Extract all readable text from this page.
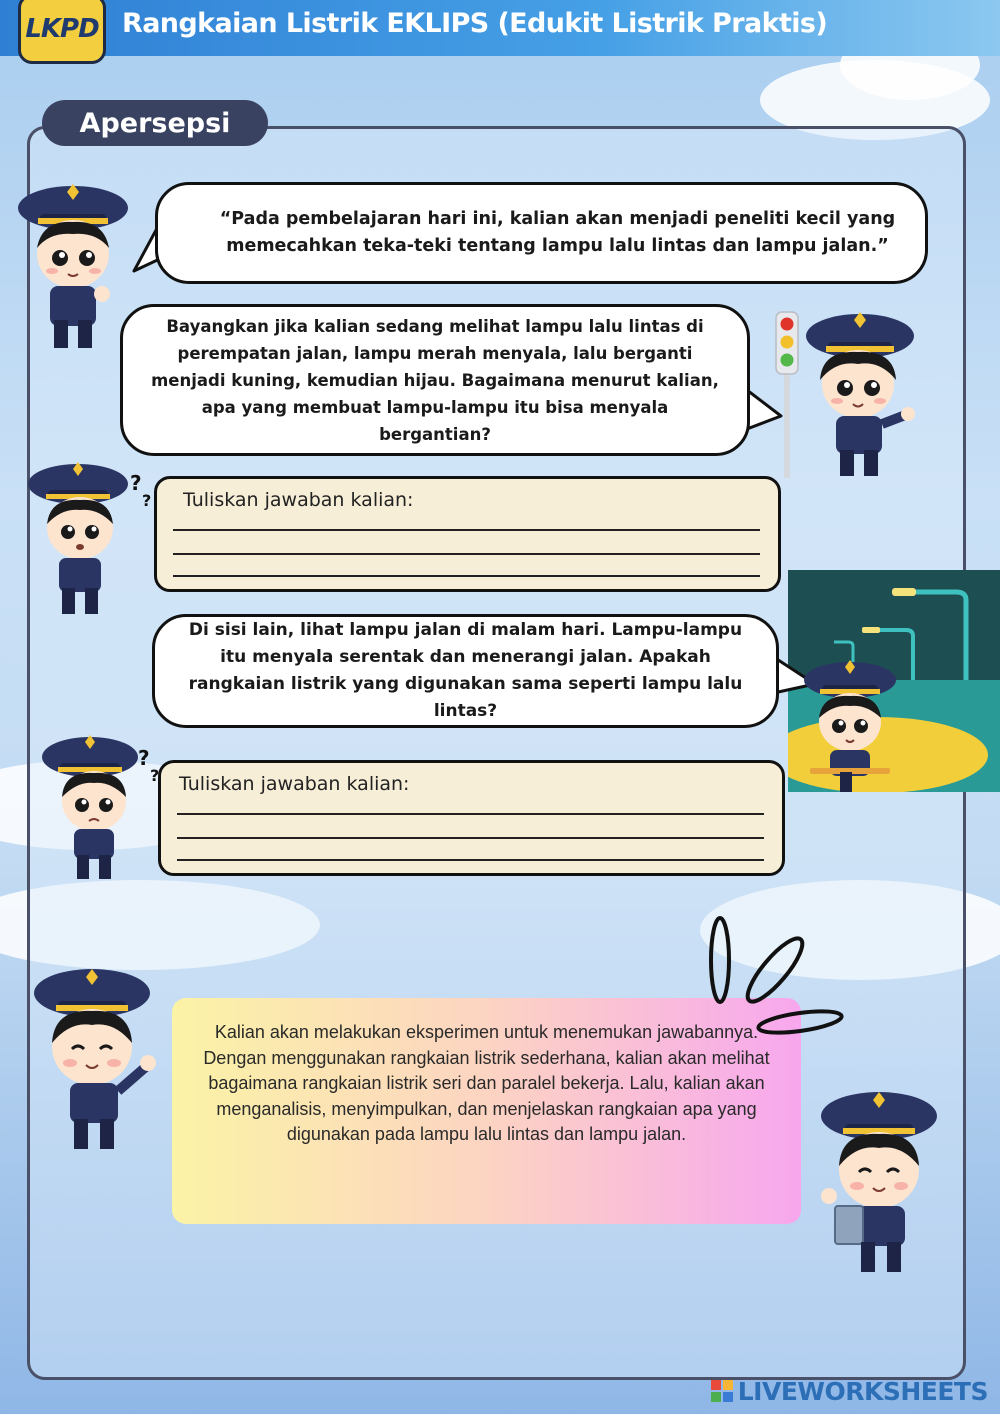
Rangkaian Listrik EKLIPS (Edukit Listrik Praktis)
LKPD
Apersepsi
“Pada pembelajaran hari ini, kalian akan menjadi peneliti kecil yang memecahkan teka-teki tentang lampu lalu lintas dan lampu jalan.”
Bayangkan jika kalian sedang melihat lampu lalu lintas di perempatan jalan, lampu merah menyala, lalu berganti menjadi kuning, kemudian hijau. Bagaimana menurut kalian, apa yang membuat lampu-lampu itu bisa menyala bergantian?
Tuliskan jawaban kalian:
Di sisi lain, lihat lampu jalan di malam hari. Lampu-lampu itu menyala serentak dan menerangi jalan. Apakah rangkaian listrik yang digunakan sama seperti lampu lalu lintas?
Tuliskan jawaban kalian:
Kalian akan melakukan eksperimen untuk menemukan jawabannya. Dengan menggunakan rangkaian listrik sederhana, kalian akan melihat bagaimana rangkaian listrik seri dan paralel bekerja. Lalu, kalian akan menganalisis, menyimpulkan, dan menjelaskan rangkaian apa yang digunakan pada lampu lalu lintas dan lampu jalan.
?
?
?
?
LIVEWORKSHEETS
